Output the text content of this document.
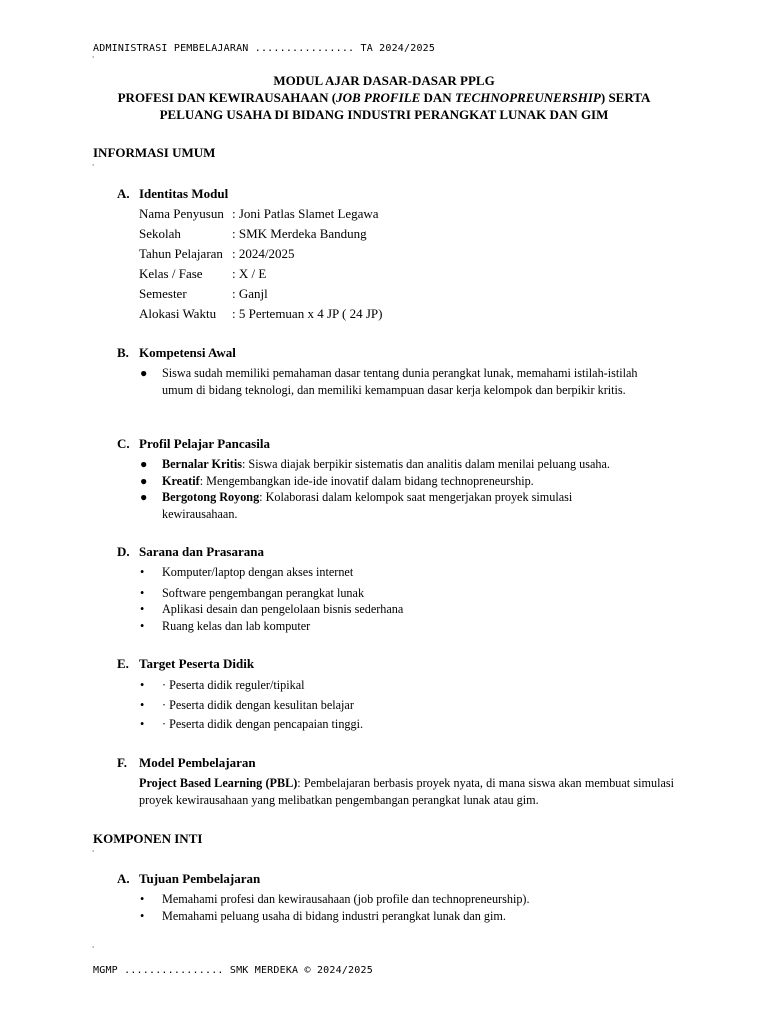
ADMINISTRASI PEMBELAJARAN ................ TA 2024/2025
'
MODUL AJAR DASAR-DASAR PPLG
PROFESI DAN KEWIRAUSAHAAN (JOB PROFILE DAN TECHNOPREUNERSHIP) SERTA
PELUANG USAHA DI BIDANG INDUSTRI PERANGKAT LUNAK DAN GIM
INFORMASI UMUM
'
A. Identitas Modul
Nama Penyusun	: Joni Patlas Slamet Legawa
Sekolah	: SMK Merdeka Bandung
Tahun Pelajaran	: 2024/2025
Kelas / Fase	: X / E
Semester	: Ganjl
Alokasi Waktu	: 5 Pertemuan x 4 JP ( 24 JP)
B. Kompetensi Awal
● Siswa sudah memiliki pemahaman dasar tentang dunia perangkat lunak, memahami istilah-istilah umum di bidang teknologi, dan memiliki kemampuan dasar kerja kelompok dan berpikir kritis.
C. Profil Pelajar Pancasila
● Bernalar Kritis: Siswa diajak berpikir sistematis dan analitis dalam menilai peluang usaha.
● Kreatif: Mengembangkan ide-ide inovatif dalam bidang technopreneurship.
● Bergotong Royong: Kolaborasi dalam kelompok saat mengerjakan proyek simulasi kewirausahaan.
D. Sarana dan Prasarana
• Komputer/laptop dengan akses internet
• Software pengembangan perangkat lunak
• Aplikasi desain dan pengelolaan bisnis sederhana
• Ruang kelas dan lab komputer
E. Target Peserta Didik
• · Peserta didik reguler/tipikal
• · Peserta didik dengan kesulitan belajar
• · Peserta didik dengan pencapaian tinggi.
F. Model Pembelajaran
Project Based Learning (PBL): Pembelajaran berbasis proyek nyata, di mana siswa akan membuat simulasi proyek kewirausahaan yang melibatkan pengembangan perangkat lunak atau gim.
KOMPONEN INTI
'
A. Tujuan Pembelajaran
• Memahami profesi dan kewirausahaan (job profile dan technopreneurship).
• Memahami peluang usaha di bidang industri perangkat lunak dan gim.
'
MGMP ................ SMK MERDEKA © 2024/2025
